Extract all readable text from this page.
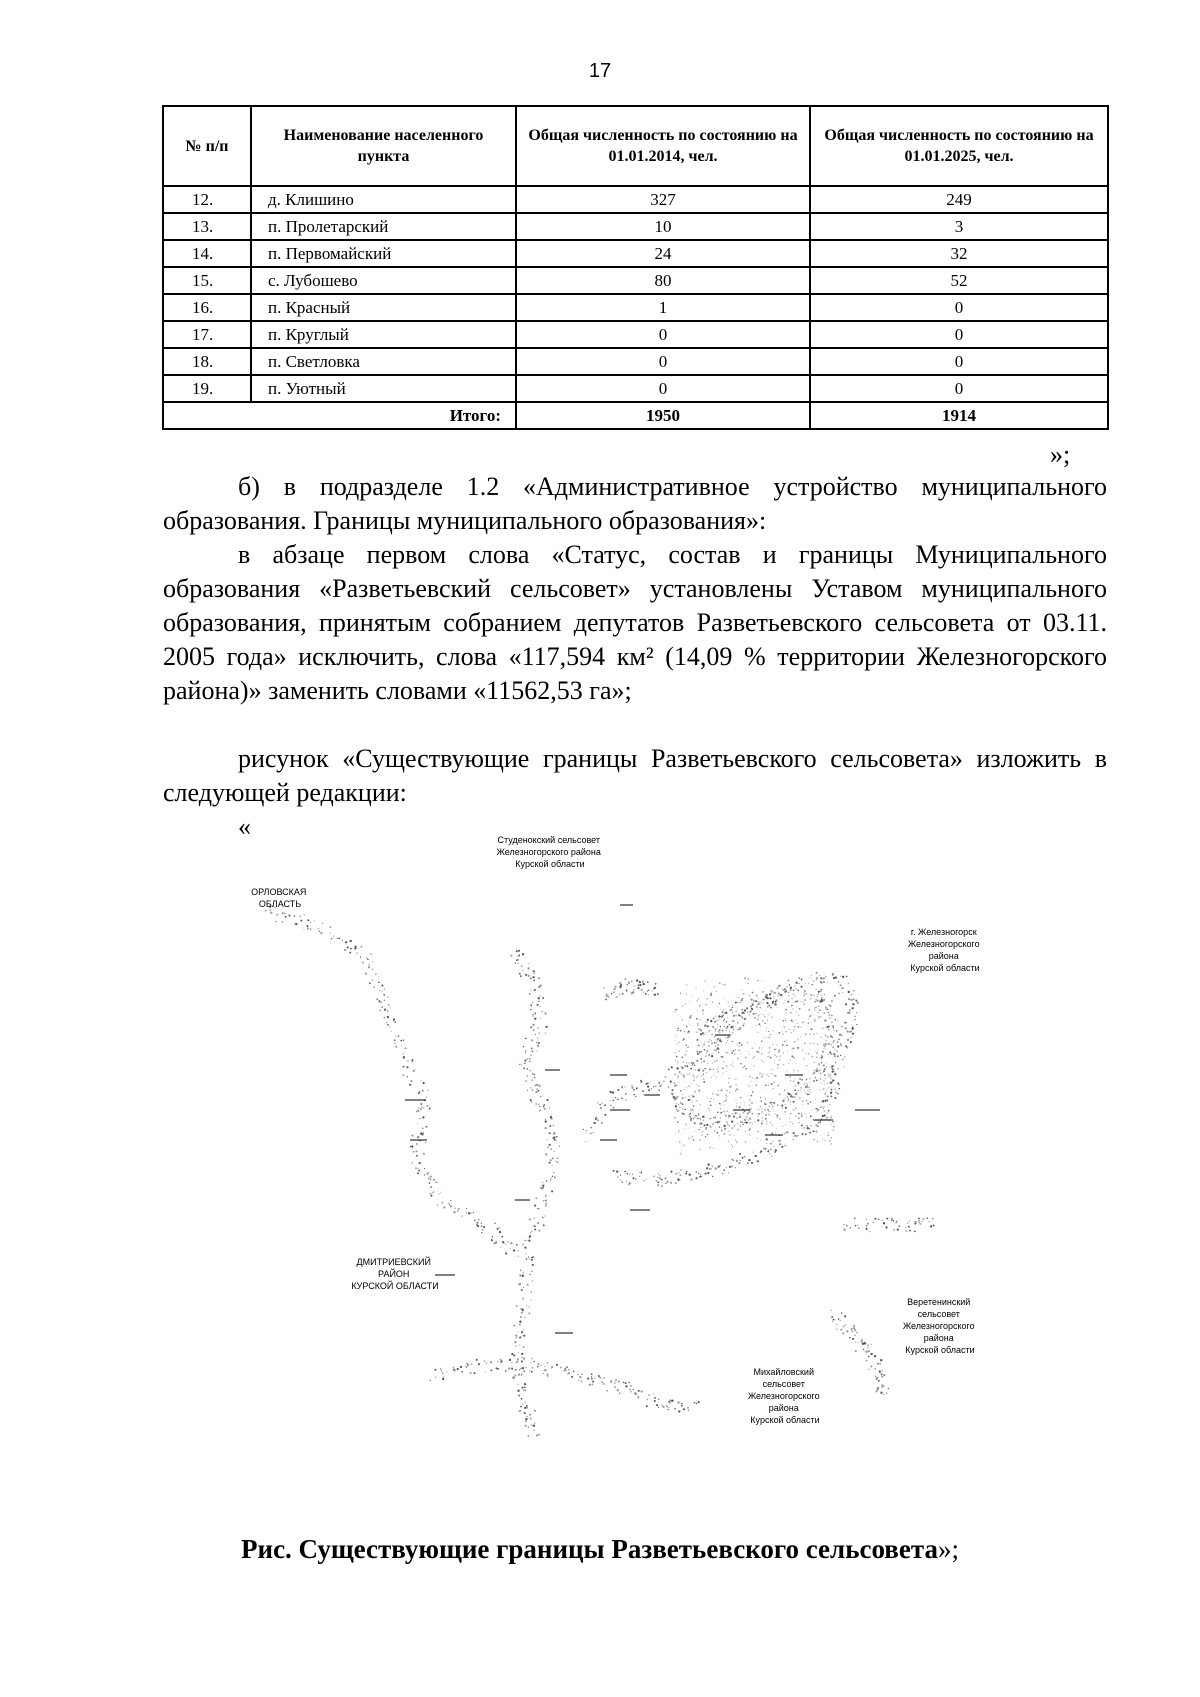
17
№ п/п	Наименование населенного пункта	Общая численность по состоянию на 01.01.2014, чел.	Общая численность по состоянию на 01.01.2025, чел.
12.	д. Клишино	327	249
13.	п. Пролетарский	10	3
14.	п. Первомайский	24	32
15.	с. Лубошево	80	52
16.	п. Красный	1	0
17.	п. Круглый	0	0
18.	п. Светловка	0	0
19.	п. Уютный	0	0
Итого:		1950	1914
»;

б) в подразделе 1.2 «Административное устройство муниципального образования. Границы муниципального образования»:

в абзаце первом слова «Статус, состав и границы Муниципального образования «Разветьевский сельсовет» установлены Уставом муниципального образования, принятым собранием депутатов Разветьевского сельсовета от 03.11. 2005 года» исключить, слова «117,594 км² (14,09 % территории Железногорского района)» заменить словами «11562,53 га»;

рисунок «Существующие границы Разветьевского сельсовета» изложить в следующей редакции:

«	Студенокский сельсовет Железногорского района Курской области
ОРЛОВСКАЯ ОБЛАСТЬ
г. Железногорск Железногорского района Курской области
ДМИТРИЕВСКИЙ РАЙОН КУРСКОЙ ОБЛАСТИ
Веретенинский сельсовет Железногорского района Курской области
Михайловский сельсовет Железногорского района Курской области
Рис. Существующие границы Разветьевского сельсовета»;
